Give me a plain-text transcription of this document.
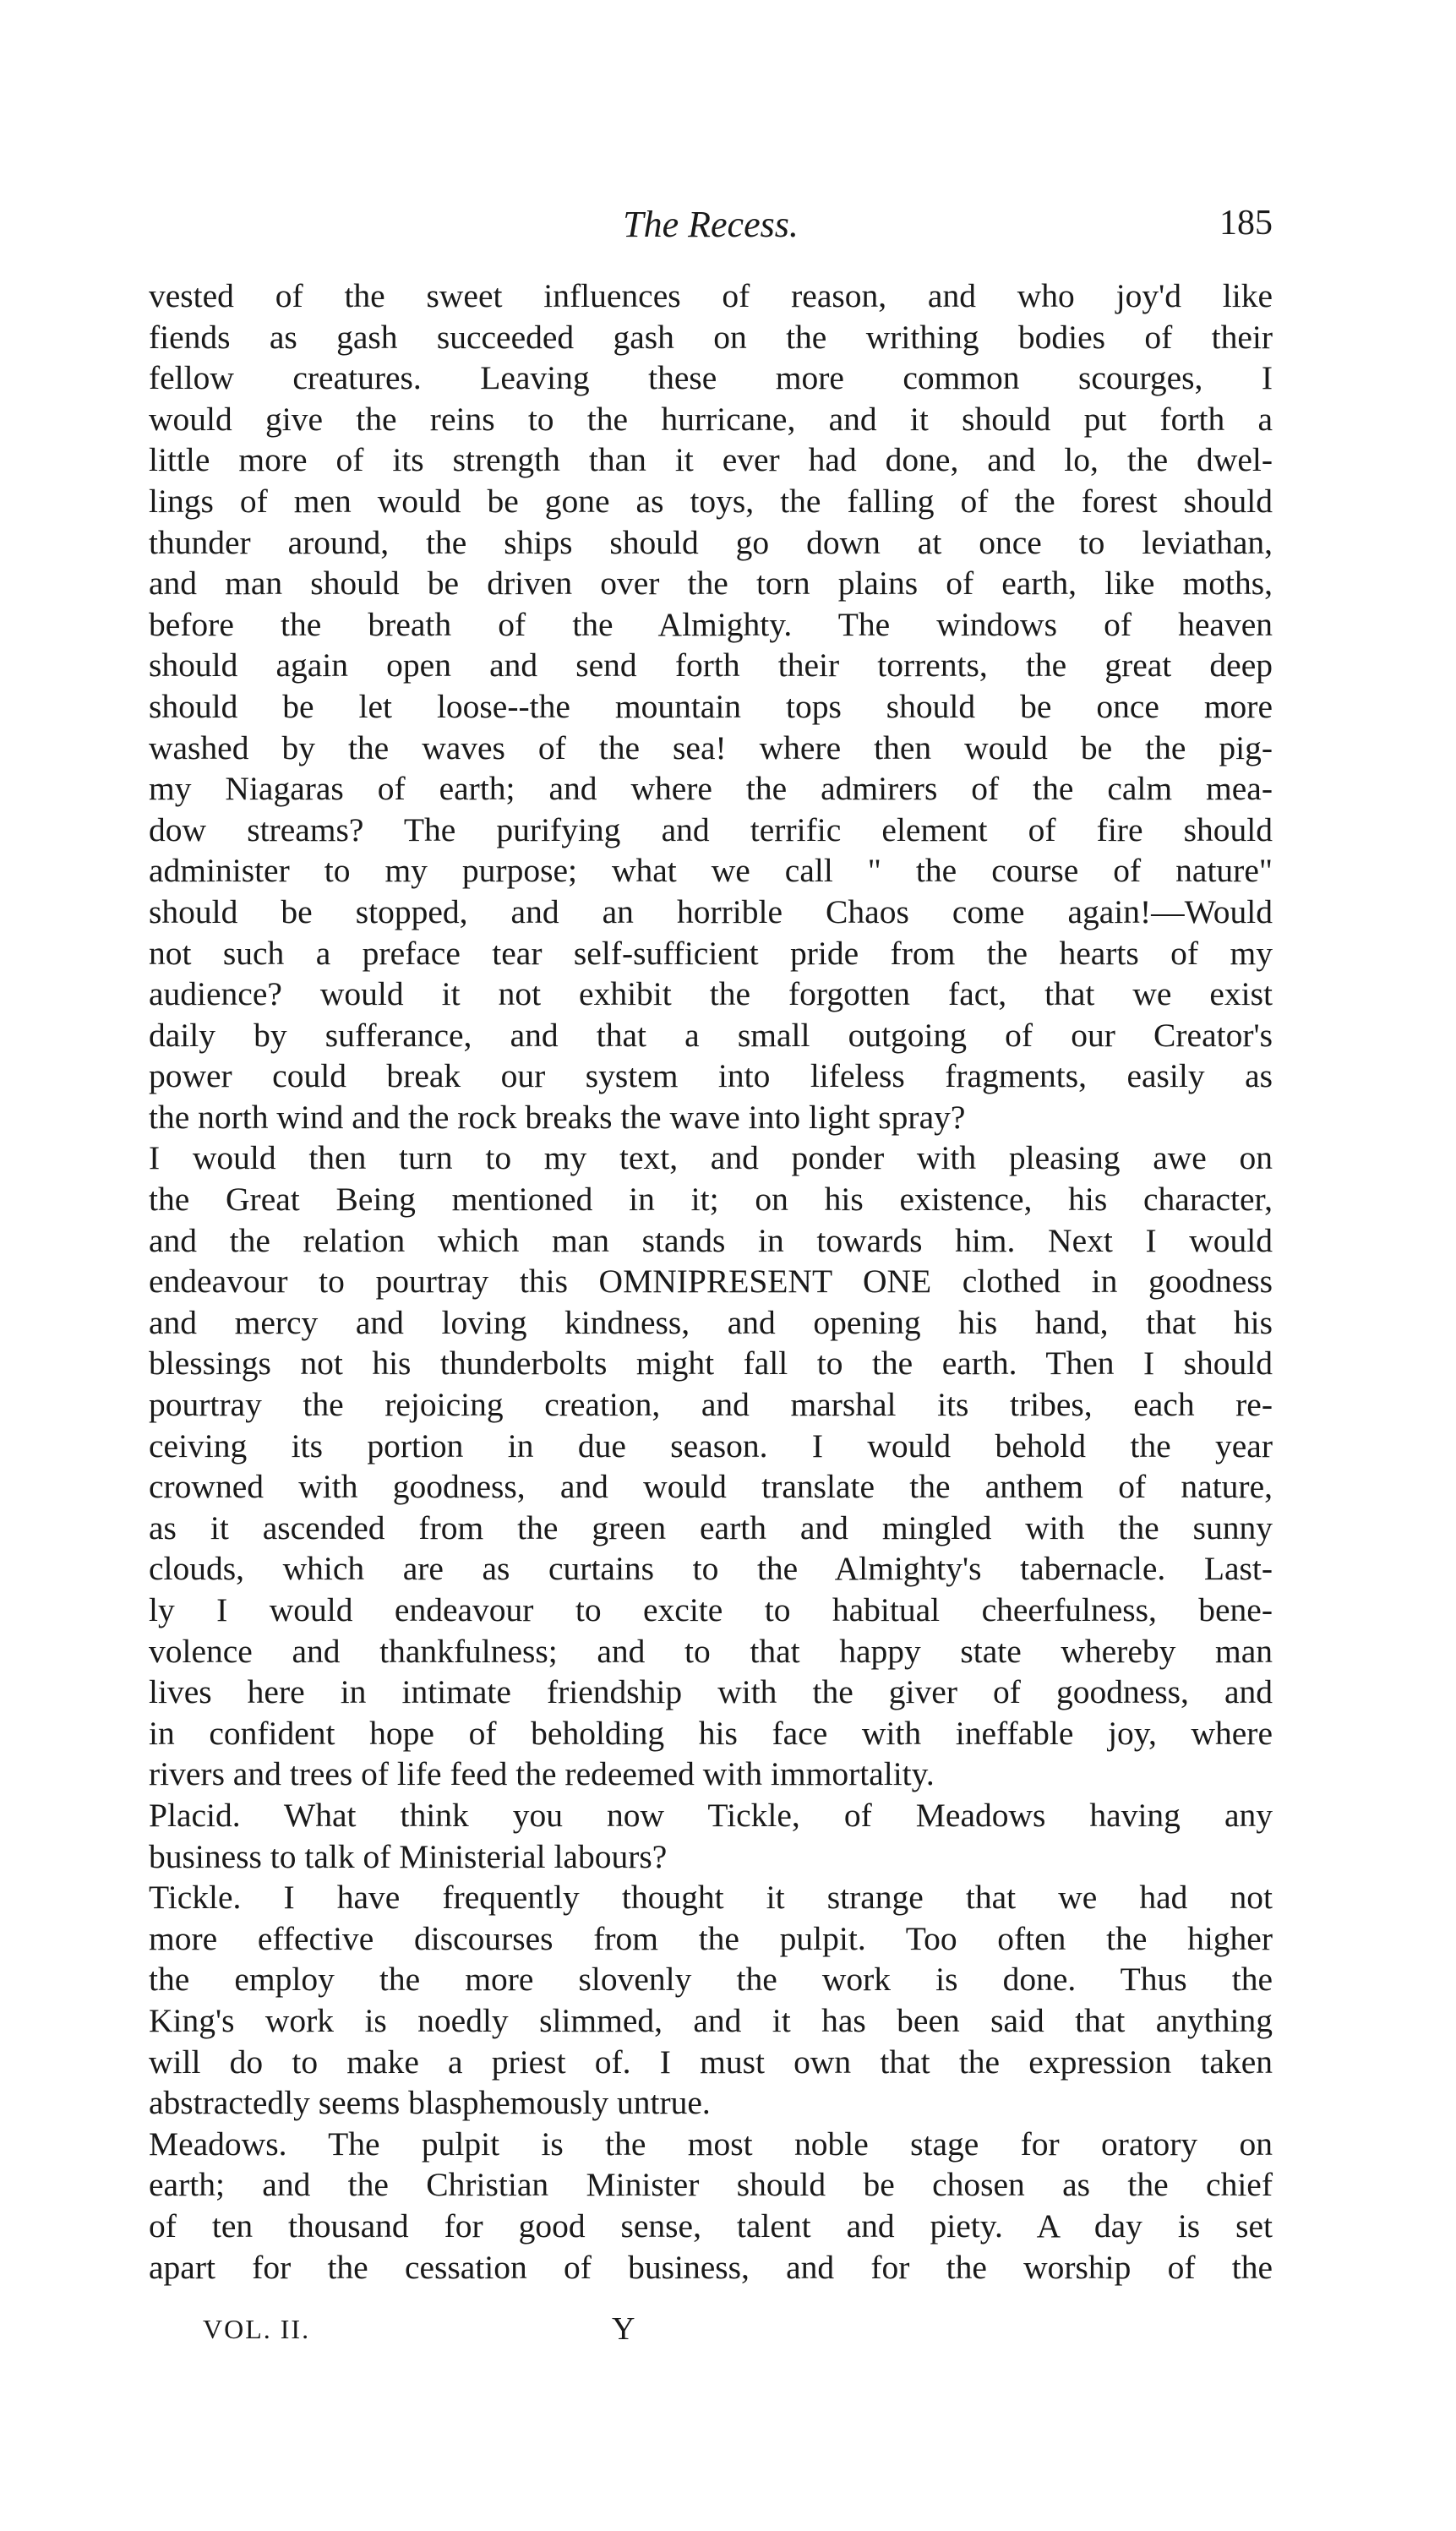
The Recess.	185
vested of the sweet influences of reason, and who joy'd like
fiends as gash succeeded gash on the writhing bodies of their
fellow creatures. Leaving these more common scourges, I
would give the reins to the hurricane, and it should put forth a
little more of its strength than it ever had done, and lo, the dwel-
lings of men would be gone as toys, the falling of the forest should
thunder around, the ships should go down at once to leviathan,
and man should be driven over the torn plains of earth, like moths,
before the breath of the Almighty. The windows of heaven
should again open and send forth their torrents, the great deep
should be let loose--the mountain tops should be once more
washed by the waves of the sea! where then would be the pig-
my Niagaras of earth; and where the admirers of the calm mea-
dow streams? The purifying and terrific element of fire should
administer to my purpose; what we call " the course of nature"
should be stopped, and an horrible Chaos come again!—Would
not such a preface tear self-sufficient pride from the hearts of my
audience? would it not exhibit the forgotten fact, that we exist
daily by sufferance, and that a small outgoing of our Creator's
power could break our system into lifeless fragments, easily as
the north wind and the rock breaks the wave into light spray?
I would then turn to my text, and ponder with pleasing awe on
the Great Being mentioned in it; on his existence, his character,
and the relation which man stands in towards him. Next I would
endeavour to pourtray this OMNIPRESENT ONE clothed in goodness
and mercy and loving kindness, and opening his hand, that his
blessings not his thunderbolts might fall to the earth. Then I should
pourtray the rejoicing creation, and marshal its tribes, each re-
ceiving its portion in due season. I would behold the year
crowned with goodness, and would translate the anthem of nature,
as it ascended from the green earth and mingled with the sunny
clouds, which are as curtains to the Almighty's tabernacle. Last-
ly I would endeavour to excite to habitual cheerfulness, bene-
volence and thankfulness; and to that happy state whereby man
lives here in intimate friendship with the giver of goodness, and
in confident hope of beholding his face with ineffable joy, where
rivers and trees of life feed the redeemed with immortality.
Placid. What think you now Tickle, of Meadows having any
business to talk of Ministerial labours?
Tickle. I have frequently thought it strange that we had not
more effective discourses from the pulpit. Too often the higher
the employ the more slovenly the work is done. Thus the
King's work is noedly slimmed, and it has been said that anything
will do to make a priest of. I must own that the expression taken
abstractedly seems blasphemously untrue.
Meadows. The pulpit is the most noble stage for oratory on
earth; and the Christian Minister should be chosen as the chief
of ten thousand for good sense, talent and piety. A day is set
apart for the cessation of business, and for the worship of the
VOL. II.	Y
